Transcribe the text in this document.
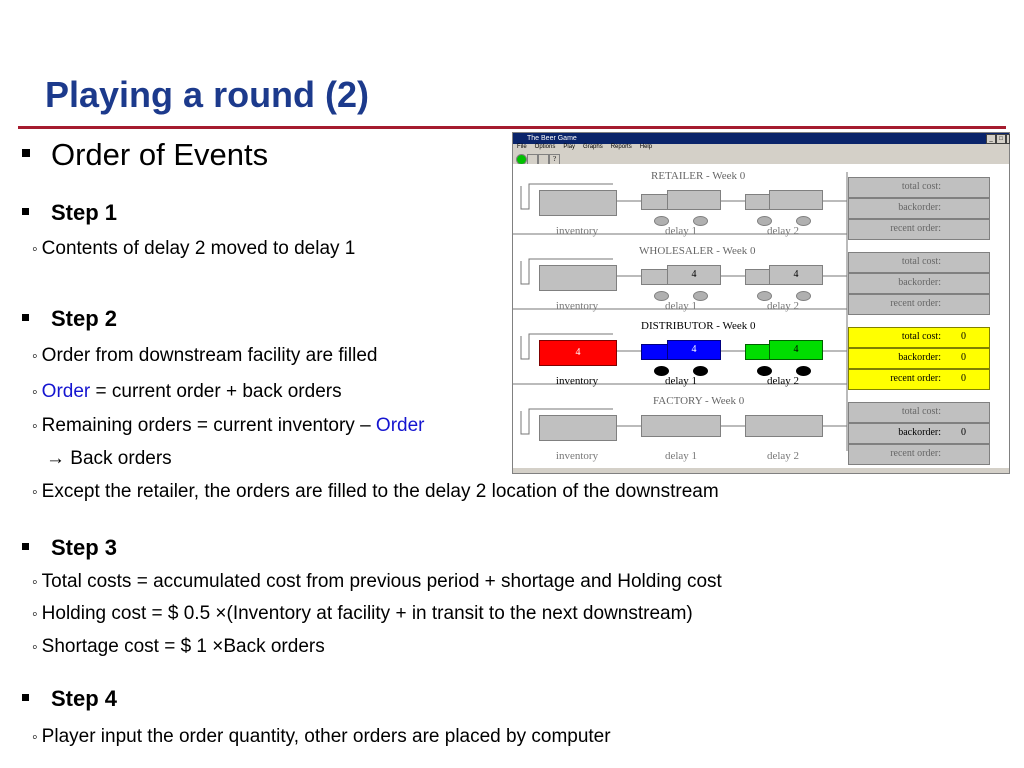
Playing a round (2)
Order of Events
Step 1
◦ Contents of delay 2 moved to delay 1
Step 2
◦ Order from downstream facility are filled
◦ Order = current order + back orders
◦ Remaining orders = current inventory – Order
→ Back orders
◦ Except the retailer, the orders are filled to the delay 2 location of the downstream
Step 3
◦ Total costs = accumulated cost from previous period + shortage and Holding cost
◦ Holding cost = $ 0.5 ×(Inventory at facility + in transit to the next downstream)
◦ Shortage cost = $ 1 ×Back orders
Step 4
◦ Player input the order quantity, other orders are placed by computer
The Beer Game	_	□
File Options Play Graphs Reports Help
?
RETAILER - Week 0
inventory	delay 1	delay 2
total cost:
backorder:
recent order:
WHOLESALER - Week 0
4	4
inventory	delay 1	delay 2
total cost:
backorder:
recent order:
DISTRIBUTOR - Week 0
4	4	4
inventory	delay 1	delay 2
total cost: 0
backorder: 0
recent order: 0
FACTORY - Week 0
inventory	delay 1	delay 2
total cost:
backorder: 0
recent order:
